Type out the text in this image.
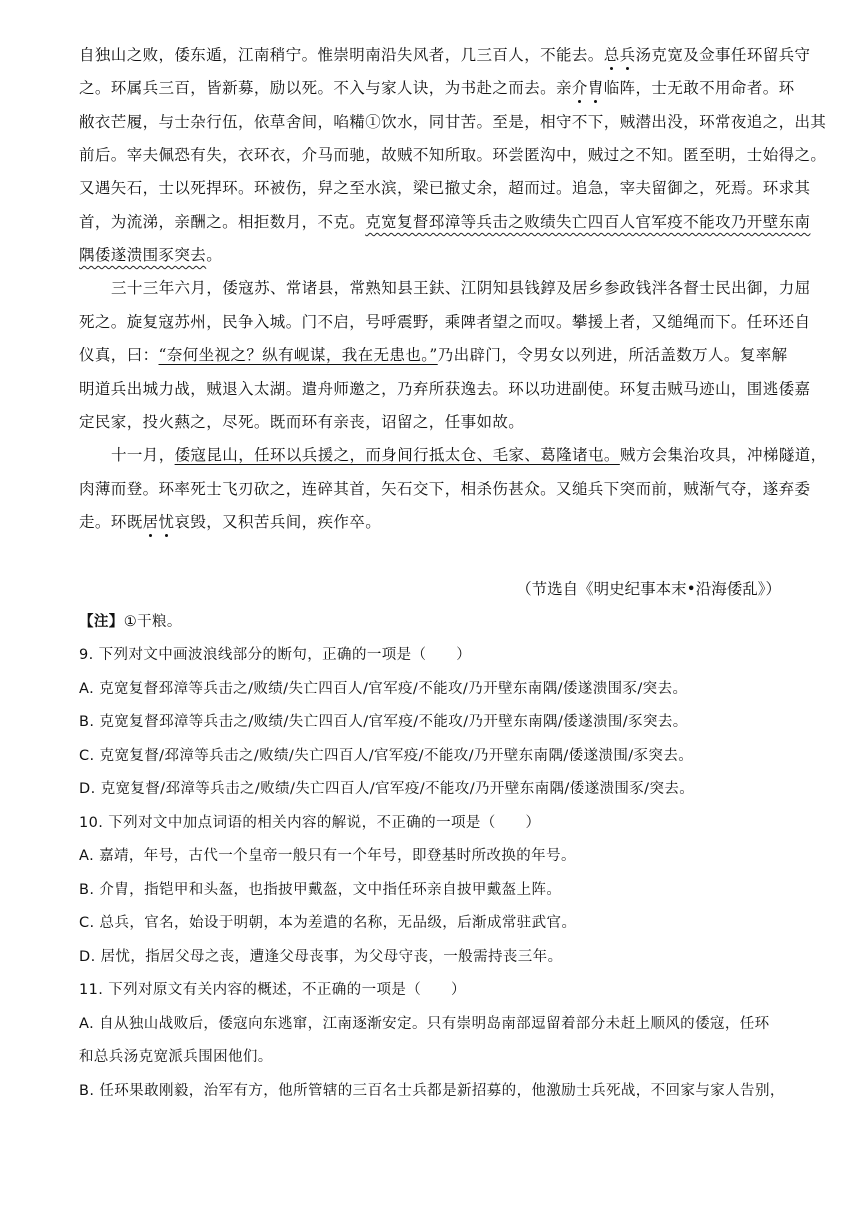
自独山之败，倭东遁，江南稍宁。惟崇明南沿失风者，几三百人，不能去。总兵汤克宽及佥事任环留兵守
之。环属兵三百，皆新募，励以死。不入与家人诀，为书赴之而去。亲介胄临阵，士无敢不用命者。环
敝衣芒履，与士杂行伍，依草舍间，啗糒①饮水，同甘苦。至是，相守不下，贼潜出没，环常夜追之，出其
前后。宰夫佩恐有失，衣环衣，介马而驰，故贼不知所取。环尝匿沟中，贼过之不知。匿至明，士始得之。
又遇矢石，士以死捍环。环被伤，舁之至水滨，梁已撤丈余，超而过。追急，宰夫留御之，死焉。环求其
首，为流涕，亲酬之。相拒数月，不克。克宽复督邳漳等兵击之败绩失亡四百人官军疫不能攻乃开壁东南
隅倭遂溃围豕突去。
三十三年六月，倭寇苏、常诸县，常熟知县王鈇、江阴知县钱錞及居乡参政钱泮各督士民出御，力屈
死之。旋复寇苏州，民争入城。门不启，号呼震野，乘陴者望之而叹。攀援上者，又缒绳而下。任环还自
仪真，曰：“奈何坐视之？纵有岘谋，我在无患也。”乃出辟门，令男女以列进，所活盖数万人。复率解
明道兵出城力战，贼退入太湖。遣舟师邀之，乃弃所获逸去。环以功进副使。环复击贼马迹山，围逃倭嘉
定民家，投火爇之，尽死。既而环有亲丧，诏留之，任事如故。
十一月，倭寇昆山，任环以兵援之，而身间行抵太仓、毛家、葛隆诸屯。贼方会集治攻具，冲梯隧道，
肉薄而登。环率死士飞刃砍之，连碎其首，矢石交下，相杀伤甚众。又缒兵下突而前，贼渐气夺，遂弃委
走。环既居忧哀毁，又积苦兵间，疾作卒。
（节选自《明史纪事本末•沿海倭乱》）
【注】①干粮。
9. 下列对文中画波浪线部分的断句，正确的一项是（　　）
A. 克宽复督邳漳等兵击之/败绩/失亡四百人/官军疫/不能攻/乃开壁东南隅/倭遂溃围豕/突去。
B. 克宽复督邳漳等兵击之/败绩/失亡四百人/官军疫/不能攻/乃开壁东南隅/倭遂溃围/豕突去。
C. 克宽复督/邳漳等兵击之/败绩/失亡四百人/官军疫/不能攻/乃开壁东南隅/倭遂溃围/豕突去。
D. 克宽复督/邳漳等兵击之/败绩/失亡四百人/官军疫/不能攻/乃开壁东南隅/倭遂溃围豕/突去。
10. 下列对文中加点词语的相关内容的解说，不正确的一项是（　　）
A. 嘉靖，年号，古代一个皇帝一般只有一个年号，即登基时所改换的年号。
B. 介胄，指铠甲和头盔，也指披甲戴盔，文中指任环亲自披甲戴盔上阵。
C. 总兵，官名，始设于明朝，本为差遣的名称，无品级，后渐成常驻武官。
D. 居忧，指居父母之丧，遭逢父母丧事，为父母守丧，一般需持丧三年。
11. 下列对原文有关内容的概述，不正确的一项是（　　）
A. 自从独山战败后，倭寇向东逃窜，江南逐渐安定。只有崇明岛南部逗留着部分未赶上顺风的倭寇，任环
和总兵汤克宽派兵围困他们。
B. 任环果敢刚毅，治军有方，他所管辖的三百名士兵都是新招募的，他激励士兵死战，不回家与家人告别，
